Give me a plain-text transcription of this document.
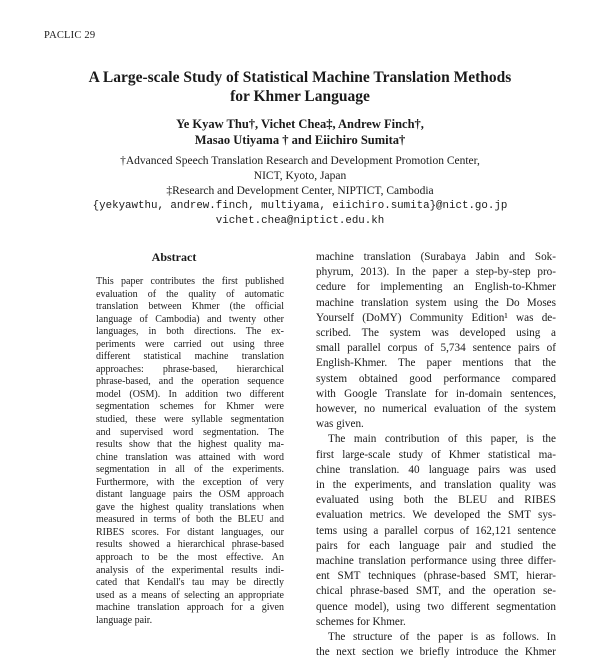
PACLIC 29
A Large-scale Study of Statistical Machine Translation Methods
for Khmer Language
Ye Kyaw Thu†, Vichet Chea‡, Andrew Finch†,
Masao Utiyama † and Eiichiro Sumita†
†Advanced Speech Translation Research and Development Promotion Center,
NICT, Kyoto, Japan
‡Research and Development Center, NIPTICT, Cambodia
{yekyawthu, andrew.finch, multiyama, eiichiro.sumita}@nict.go.jp
vichet.chea@niptict.edu.kh
Abstract
This paper contributes the first published
evaluation of the quality of automatic
translation between Khmer (the official
language of Cambodia) and twenty other
languages, in both directions. The ex-
periments were carried out using three
different statistical machine translation
approaches: phrase-based, hierarchical
phrase-based, and the operation sequence
model (OSM). In addition two different
segmentation schemes for Khmer were
studied, these were syllable segmentation
and supervised word segmentation. The
results show that the highest quality ma-
chine translation was attained with word
segmentation in all of the experiments.
Furthermore, with the exception of very
distant language pairs the OSM approach
gave the highest quality translations when
measured in terms of both the BLEU and
RIBES scores. For distant languages, our
results showed a hierarchical phrase-based
approach to be the most effective. An
analysis of the experimental results indi-
cated that Kendall's tau may be directly
used as a means of selecting an appropriate
machine translation approach for a given
language pair.
machine translation (Surabaya Jabin and Sok-
phyrum, 2013). In the paper a step-by-step pro-
cedure for implementing an English-to-Khmer
machine translation system using the Do Moses
Yourself (DoMY) Community Edition¹ was de-
scribed. The system was developed using a
small parallel corpus of 5,734 sentence pairs of
English-Khmer. The paper mentions that the
system obtained good performance compared
with Google Translate for in-domain sentences,
however, no numerical evaluation of the system
was given.
The main contribution of this paper, is the
first large-scale study of Khmer statistical ma-
chine translation. 40 language pairs was used
in the experiments, and translation quality was
evaluated using both the BLEU and RIBES
evaluation metrics. We developed the SMT sys-
tems using a parallel corpus of 162,121 sentence
pairs for each language pair and studied the
machine translation performance using three differ-
ent SMT techniques (phrase-based SMT, hierar-
chical phrase-based SMT, and the operation se-
quence model), using two different segmentation
schemes for Khmer.
The structure of the paper is as follows. In
the next section we briefly introduce the Khmer
